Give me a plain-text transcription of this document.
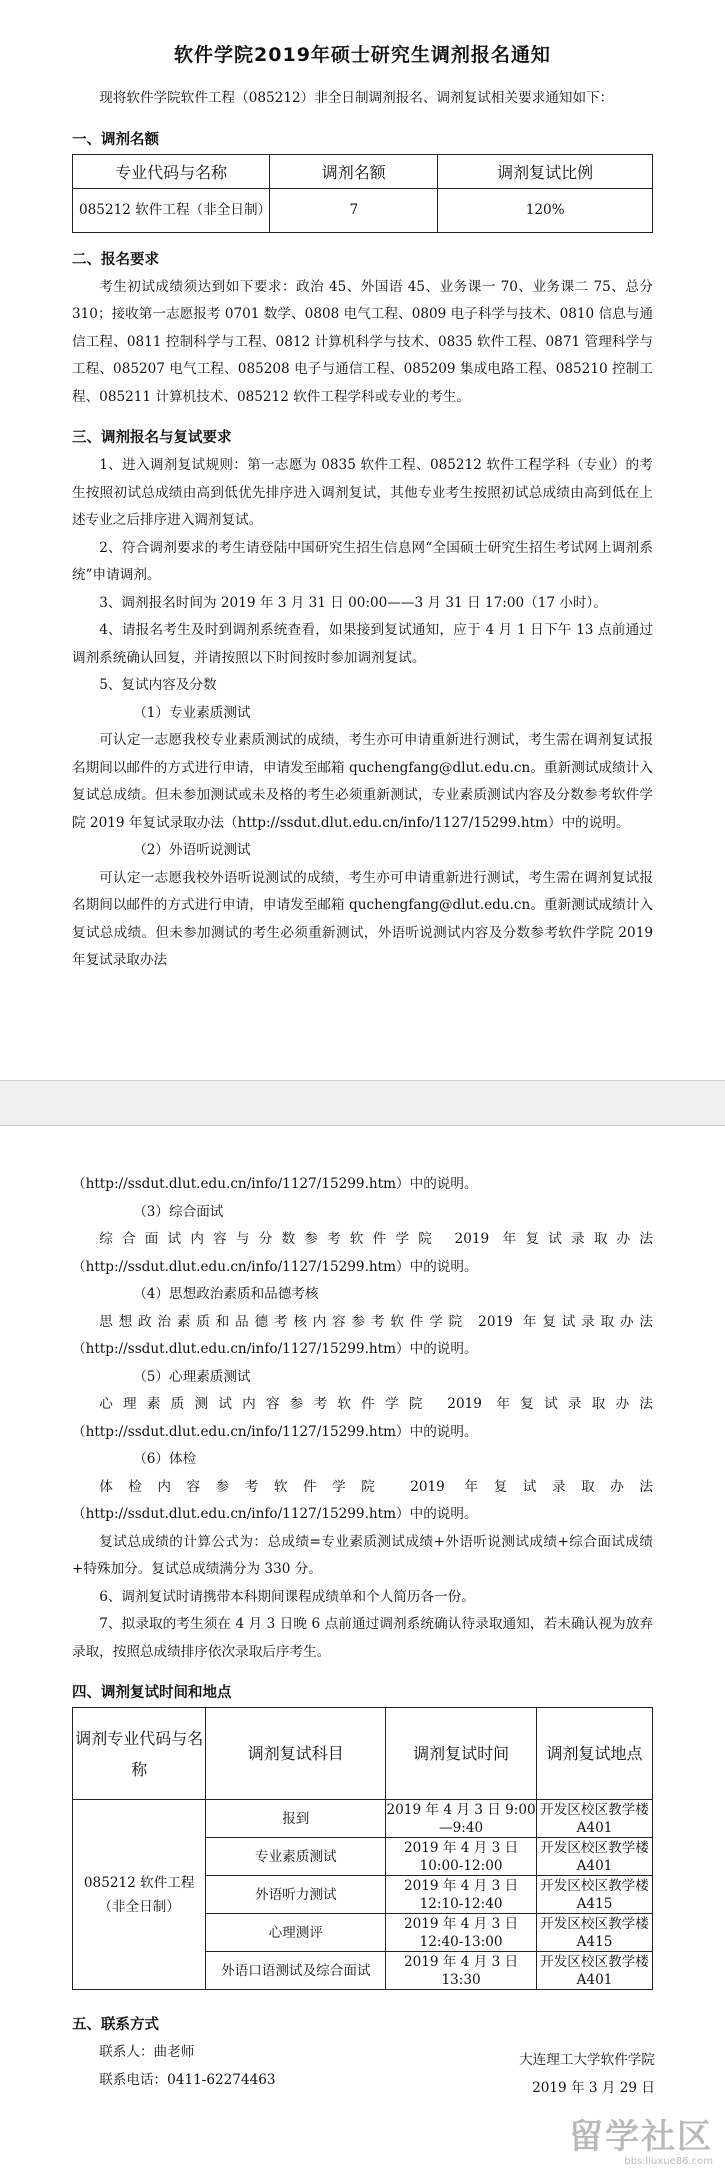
软件学院2019年硕士研究生调剂报名通知

现将软件学院软件工程（085212）非全日制调剂报名、调剂复试相关要求通知如下：

一、调剂名额
专业代码与名称	调剂名额	调剂复试比例
085212 软件工程（非全日制）	7	120%
二、报名要求

考生初试成绩须达到如下要求：政治 45、外国语 45、业务课一 70、业务课二 75、总分 310；接收第一志愿报考 0701 数学、0808 电气工程、0809 电子科学与技术、0810 信息与通信工程、0811 控制科学与工程、0812 计算机科学与技术、0835 软件工程、0871 管理科学与工程、085207 电气工程、085208 电子与通信工程、085209 集成电路工程、085210 控制工程、085211 计算机技术、085212 软件工程学科或专业的考生。

三、调剂报名与复试要求

1、进入调剂复试规则：第一志愿为 0835 软件工程、085212 软件工程学科（专业）的考生按照初试总成绩由高到低优先排序进入调剂复试，其他专业考生按照初试总成绩由高到低在上述专业之后排序进入调剂复试。

2、符合调剂要求的考生请登陆中国研究生招生信息网“全国硕士研究生招生考试网上调剂系统”申请调剂。

3、调剂报名时间为 2019 年 3 月 31 日 00:00——3 月 31 日 17:00（17 小时）。

4、请报名考生及时到调剂系统查看，如果接到复试通知，应于 4 月 1 日下午 13 点前通过调剂系统确认回复，并请按照以下时间按时参加调剂复试。

5、复试内容及分数

（1）专业素质测试

可认定一志愿我校专业素质测试的成绩，考生亦可申请重新进行测试，考生需在调剂复试报名期间以邮件的方式进行申请，申请发至邮箱 quchengfang@dlut.edu.cn。重新测试成绩计入复试总成绩。但未参加测试或未及格的考生必须重新测试，专业素质测试内容及分数参考软件学院 2019 年复试录取办法（http://ssdut.dlut.edu.cn/info/1127/15299.htm）中的说明。

（2）外语听说测试

可认定一志愿我校外语听说测试的成绩，考生亦可申请重新进行测试，考生需在调剂复试报名期间以邮件的方式进行申请，申请发至邮箱 quchengfang@dlut.edu.cn。重新测试成绩计入复试总成绩。但未参加测试的考生必须重新测试，外语听说测试内容及分数参考软件学院 2019 年复试录取办法

（http://ssdut.dlut.edu.cn/info/1127/15299.htm）中的说明。

（3）综合面试

综合面试内容与分数参考软件学院 2019 年复试录取办法（http://ssdut.dlut.edu.cn/info/1127/15299.htm）中的说明。

（4）思想政治素质和品德考核

思想政治素质和品德考核内容参考软件学院 2019 年复试录取办法（http://ssdut.dlut.edu.cn/info/1127/15299.htm）中的说明。

（5）心理素质测试

心理素质测试内容参考软件学院 2019 年复试录取办法（http://ssdut.dlut.edu.cn/info/1127/15299.htm）中的说明。

（6）体检

体检内容参考软件学院 2019 年复试录取办法（http://ssdut.dlut.edu.cn/info/1127/15299.htm）中的说明。

复试总成绩的计算公式为：总成绩=专业素质测试成绩+外语听说测试成绩+综合面试成绩+特殊加分。复试总成绩满分为 330 分。

6、调剂复试时请携带本科期间课程成绩单和个人简历各一份。

7、拟录取的考生须在 4 月 3 日晚 6 点前通过调剂系统确认待录取通知，若未确认视为放弃录取，按照总成绩排序依次录取后序考生。

四、调剂复试时间和地点
调剂专业代码与名称	调剂复试科目	调剂复试时间	调剂复试地点
085212 软件工程（非全日制）	报到	2019 年 4 月 3 日 9:00—9:40	开发区校区教学楼 A401
	专业素质测试	2019 年 4 月 3 日 10:00-12:00	开发区校区教学楼 A401
	外语听力测试	2019 年 4 月 3 日 12:10-12:40	开发区校区教学楼 A415
	心理测评	2019 年 4 月 3 日 12:40-13:00	开发区校区教学楼 A415
	外语口语测试及综合面试	2019 年 4 月 3 日 13:30	开发区校区教学楼 A401
五、联系方式

联系人：曲老师

联系电话：0411-62274463

大连理工大学软件学院
2019 年 3 月 29 日
留学社区
bbs.liuxue86.com
